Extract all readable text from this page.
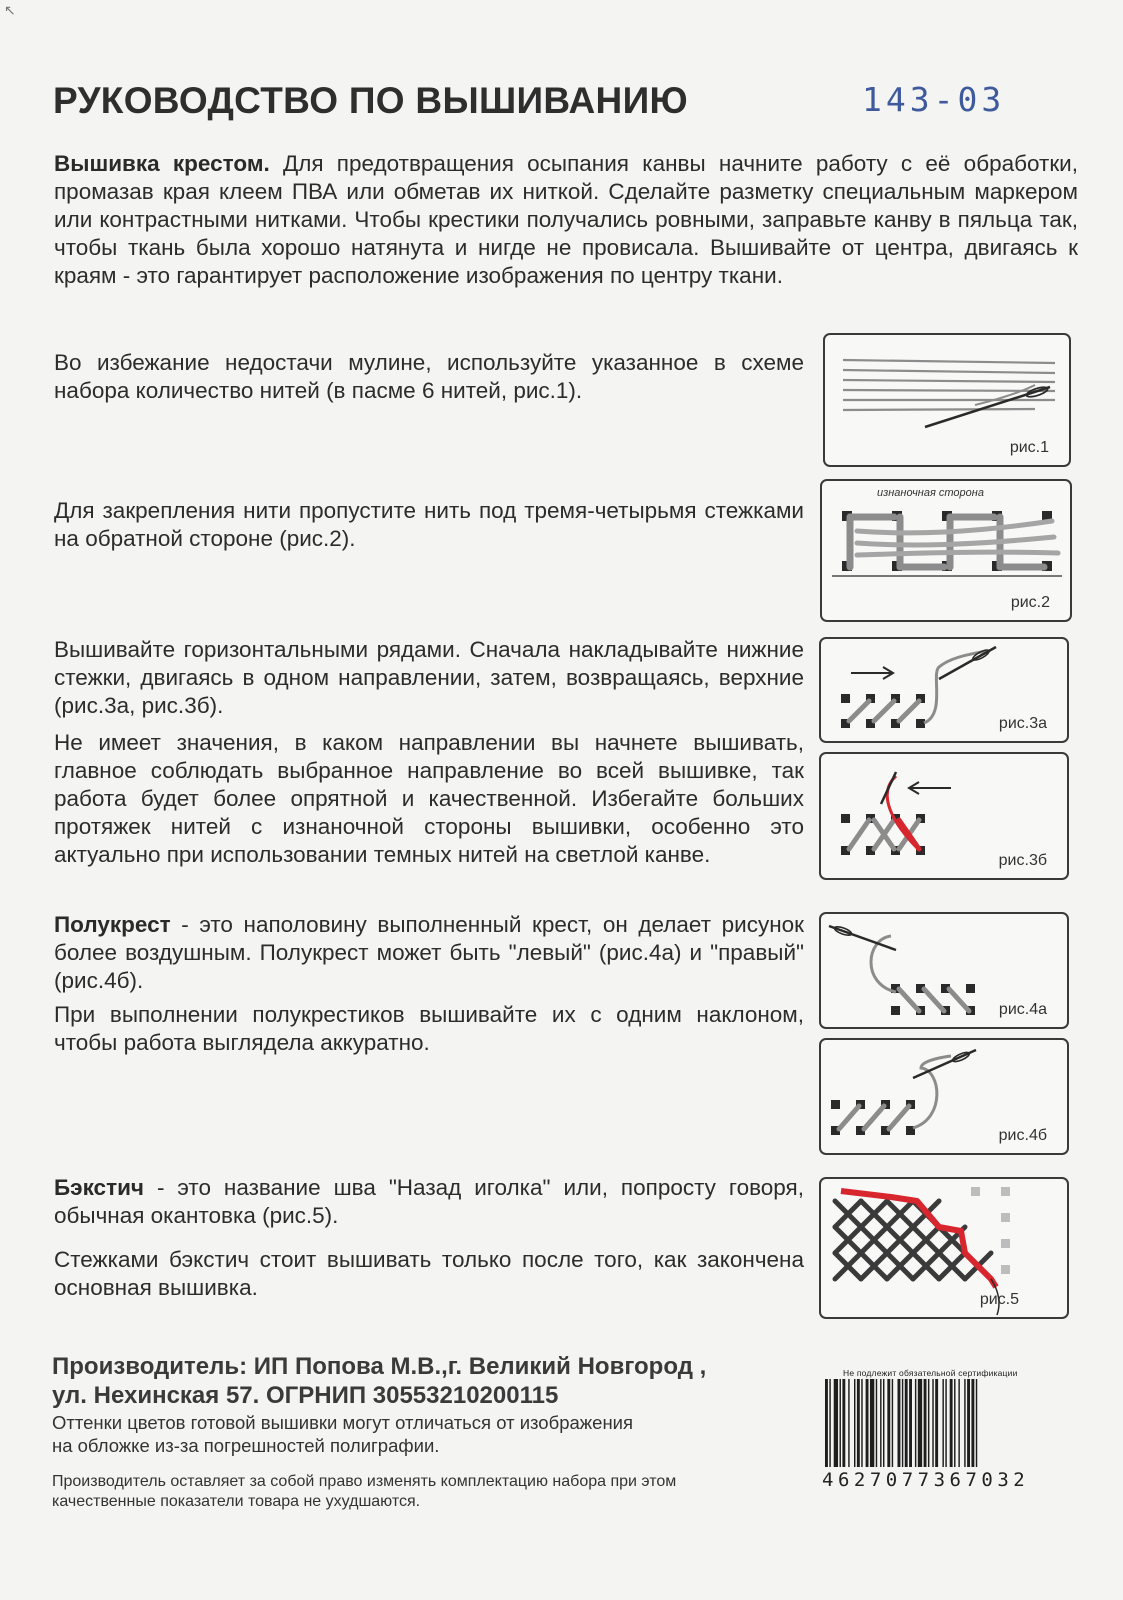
↖
РУКОВОДСТВО ПО ВЫШИВАНИЮ	143-03

Вышивка крестом. Для предотвращения осыпания канвы начните работу с её обработки, промазав края клеем ПВА или обметав их ниткой. Сделайте разметку специальным маркером или контрастными нитками. Чтобы крестики получались ровными, заправьте канву в пяльца так, чтобы ткань была хорошо натянута и нигде не провисала. Вышивайте от центра, двигаясь к краям - это гарантирует расположение изображения по центру ткани.

Во избежание недостачи мулине, используйте указанное в схеме набора количество нитей (в пасме 6 нитей, рис.1).

Для закрепления нити пропустите нить под тремя-четырьмя стежками на обратной стороне (рис.2).

Вышивайте горизонтальными рядами. Сначала накладывайте нижние стежки, двигаясь в одном направлении, затем, возвращаясь, верхние (рис.3а, рис.3б).

Не имеет значения, в каком направлении вы начнете вышивать, главное соблюдать выбранное направление во всей вышивке, так работа будет более опрятной и качественной. Избегайте больших протяжек нитей с изнаночной стороны вышивки, особенно это актуально при использовании темных нитей на светлой канве.

Полукрест - это наполовину выполненный крест, он делает рисунок более воздушным. Полукрест может быть "левый" (рис.4а) и "правый" (рис.4б).

При выполнении полукрестиков вышивайте их с одним наклоном, чтобы работа выглядела аккуратно.

Бэкстич - это название шва "Назад иголка" или, попросту говоря, обычная окантовка (рис.5).

Стежками бэкстич стоит вышивать только после того, как закончена основная вышивка.

рис.1
изнаночная сторона
рис.2
рис.3а
рис.3б
рис.4а
рис.4б
рис.5
Производитель: ИП Попова М.В.,г. Великий Новгород ,
ул. Нехинская 57. ОГРНИП 30553210200115
Оттенки цветов готовой вышивки могут отличаться от изображения
на обложке из-за погрешностей полиграфии.
Производитель оставляет за собой право изменять комплектацию набора при этом
качественные показатели товара не ухудшаются.
Не подлежит обязательной сертификации
4627077367032
